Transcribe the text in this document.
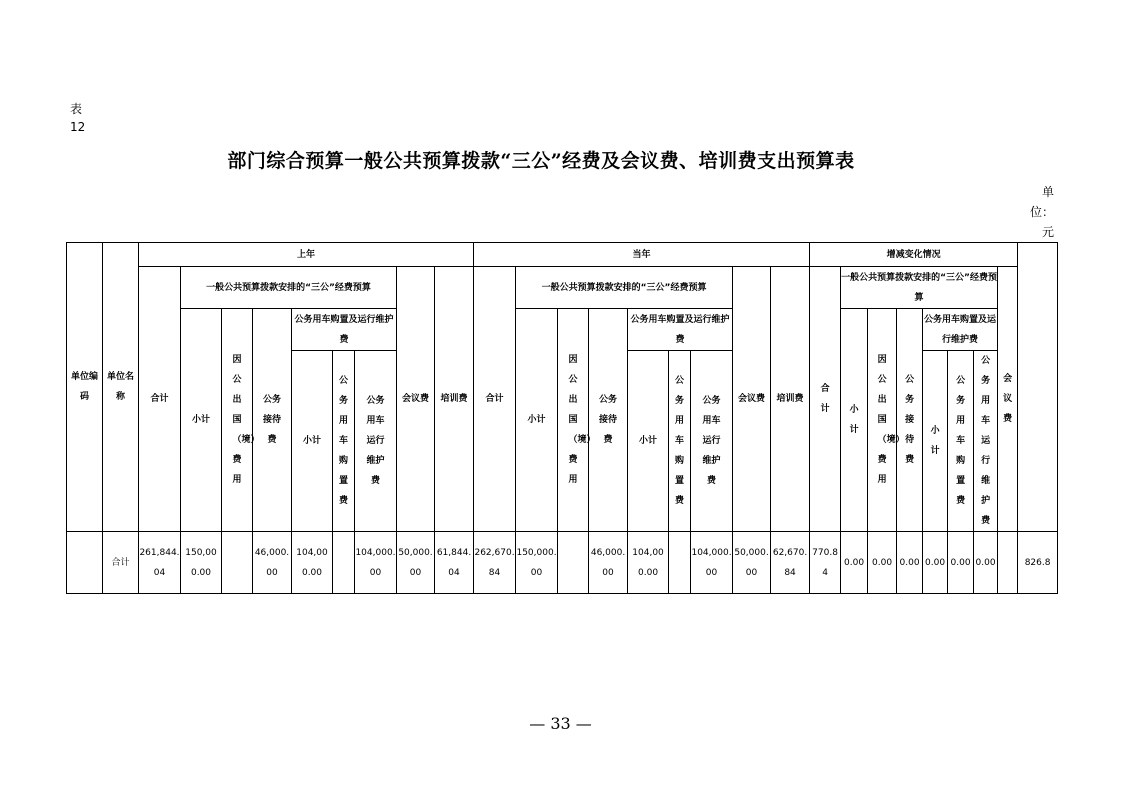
表
12
部门综合预算一般公共预算拨款“三公”经费及会议费、培训费支出预算表
单
位：
元
单位编码	单位名称	上年									当年									增减变化情况									
		合计	一般公共预算拨款安排的“三公”经费预算						会议费	培训费	合计	一般公共预算拨款安排的“三公”经费预算						会议费	培训费	合计	一般公共预算拨款安排的“三公”经费预算						会议费	
			小计	因公出国（境）费用	公务接待费	公务用车购置及运行维护费						小计	因公出国（境）费用	公务接待费	公务用车购置及运行维护费						小计	因公出国（境）费用	公务接待费	公务用车购置及运行维护费					
						小计	公务用车购置费	公务用车运行维护费							小计	公务用车购置费	公务用车运行维护费							小计	公务用车购置费	公务用车运行维护费			

	合计	261,844.04	150,000.00		46,000.00	104,000.00		104,000.00	50,000.00	61,844.04	262,670.84	150,000.00		46,000.00	104,000.00		104,000.00	50,000.00	62,670.84	770.84	0.00	0.00	0.00	0.00	0.00	0.00		826.8	
— 33 —
